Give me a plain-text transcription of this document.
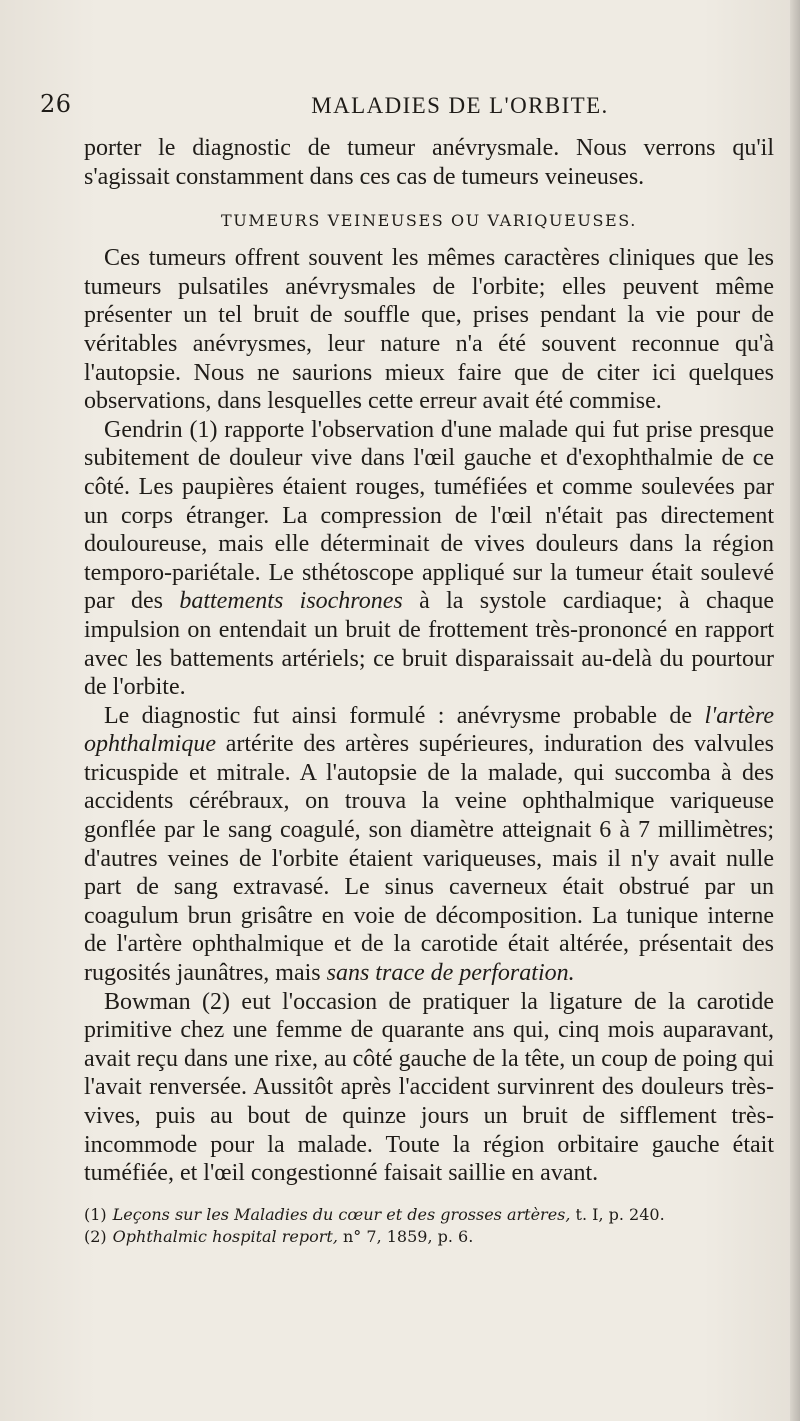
26	MALADIES DE L'ORBITE.

porter le diagnostic de tumeur anévrysmale. Nous verrons qu'il s'agissait constamment dans ces cas de tumeurs veineuses.

TUMEURS VEINEUSES OU VARIQUEUSES.

Ces tumeurs offrent souvent les mêmes caractères cliniques que les tumeurs pulsatiles anévrysmales de l'orbite; elles peuvent même présenter un tel bruit de souffle que, prises pendant la vie pour de véritables anévrysmes, leur nature n'a été souvent reconnue qu'à l'autopsie. Nous ne saurions mieux faire que de citer ici quelques observations, dans lesquelles cette erreur avait été commise.

Gendrin (1) rapporte l'observation d'une malade qui fut prise presque subitement de douleur vive dans l'œil gauche et d'exophthalmie de ce côté. Les paupières étaient rouges, tuméfiées et comme soulevées par un corps étranger. La compression de l'œil n'était pas directement douloureuse, mais elle déterminait de vives douleurs dans la région temporo-pariétale. Le sthétoscope appliqué sur la tumeur était soulevé par des battements isochrones à la systole cardiaque; à chaque impulsion on entendait un bruit de frottement très-prononcé en rapport avec les battements artériels; ce bruit disparaissait au-delà du pourtour de l'orbite.

Le diagnostic fut ainsi formulé : anévrysme probable de l'artère ophthalmique artérite des artères supérieures, induration des valvules tricuspide et mitrale. A l'autopsie de la malade, qui succomba à des accidents cérébraux, on trouva la veine ophthalmique variqueuse gonflée par le sang coagulé, son diamètre atteignait 6 à 7 millimètres; d'autres veines de l'orbite étaient variqueuses, mais il n'y avait nulle part de sang extravasé. Le sinus caverneux était obstrué par un coagulum brun grisâtre en voie de décomposition. La tunique interne de l'artère ophthalmique et de la carotide était altérée, présentait des rugosités jaunâtres, mais sans trace de perforation.

Bowman (2) eut l'occasion de pratiquer la ligature de la carotide primitive chez une femme de quarante ans qui, cinq mois auparavant, avait reçu dans une rixe, au côté gauche de la tête, un coup de poing qui l'avait renversée. Aussitôt après l'accident survinrent des douleurs très-vives, puis au bout de quinze jours un bruit de sifflement très-incommode pour la malade. Toute la région orbitaire gauche était tuméfiée, et l'œil congestionné faisait saillie en avant.

(1) Leçons sur les Maladies du cœur et des grosses artères, t. I, p. 240.
(2) Ophthalmic hospital report, n° 7, 1859, p. 6.
